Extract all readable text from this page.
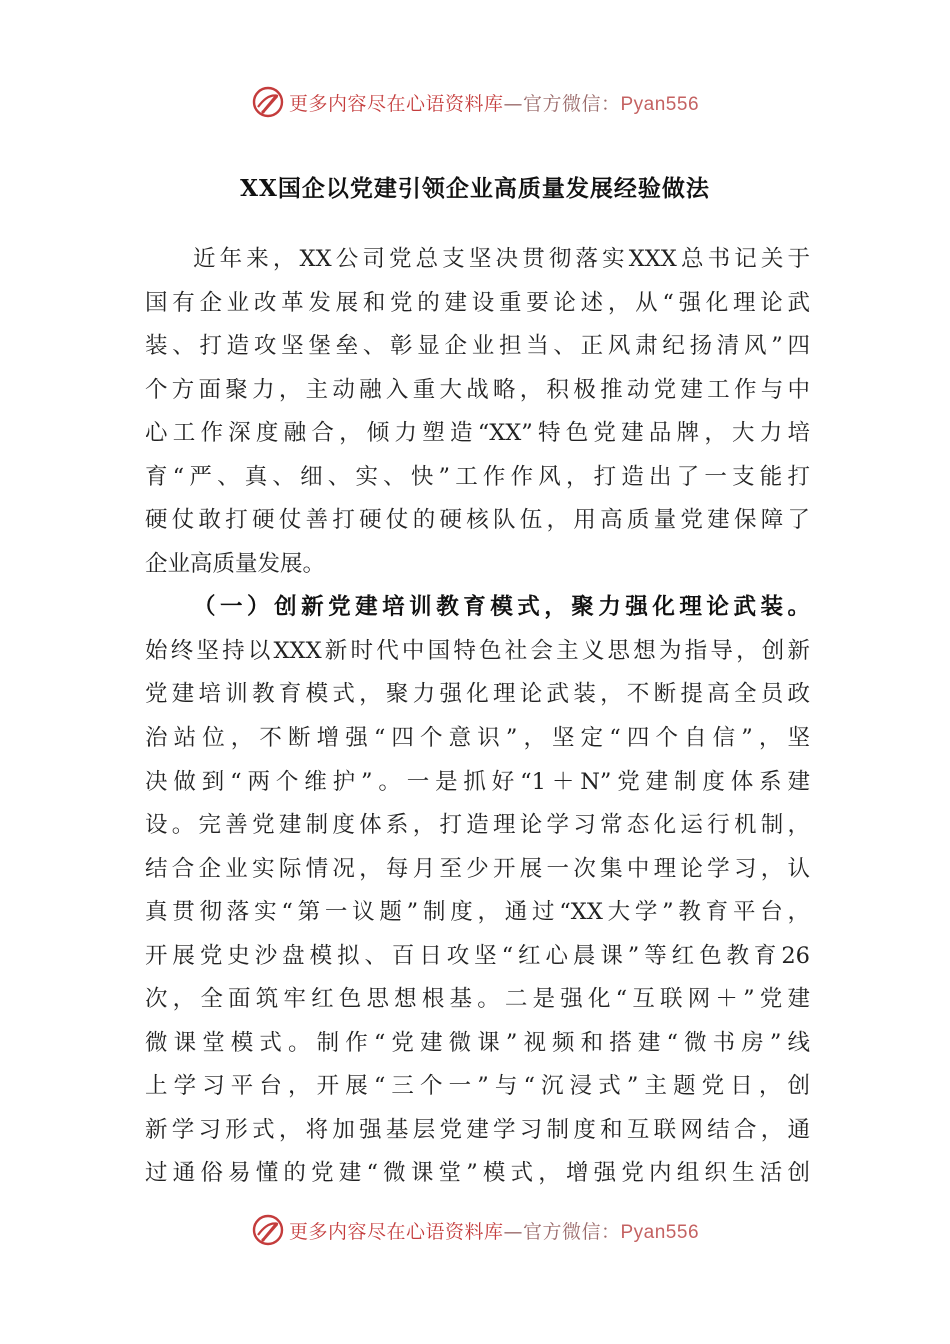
更多内容尽在心语资料库—官方微信：Pyan556
XX国企以党建引领企业高质量发展经验做法
近年来，XX公司党总支坚决贯彻落实XXX总书记关于
国有企业改革发展和党的建设重要论述，从“强化理论武
装、打造攻坚堡垒、彰显企业担当、正风肃纪扬清风”四
个方面聚力，主动融入重大战略，积极推动党建工作与中
心工作深度融合，倾力塑造“XX”特色党建品牌，大力培
育“严、真、细、实、快”工作作风，打造出了一支能打
硬仗敢打硬仗善打硬仗的硬核队伍，用高质量党建保障了
企业高质量发展。
（一）创新党建培训教育模式，聚力强化理论武装。
始终坚持以XXX新时代中国特色社会主义思想为指导，创新
党建培训教育模式，聚力强化理论武装，不断提高全员政
治站位，不断增强“四个意识”，坚定“四个自信”，坚
决做到“两个维护”。一是抓好“1＋N”党建制度体系建
设。完善党建制度体系，打造理论学习常态化运行机制，
结合企业实际情况，每月至少开展一次集中理论学习，认
真贯彻落实“第一议题”制度，通过“XX大学”教育平台，
开展党史沙盘模拟、百日攻坚“红心晨课”等红色教育26
次，全面筑牢红色思想根基。二是强化“互联网＋”党建
微课堂模式。制作“党建微课”视频和搭建“微书房”线
上学习平台，开展“三个一”与“沉浸式”主题党日，创
新学习形式，将加强基层党建学习制度和互联网结合，通
过通俗易懂的党建“微课堂”模式，增强党内组织生活创
更多内容尽在心语资料库—官方微信：Pyan556
